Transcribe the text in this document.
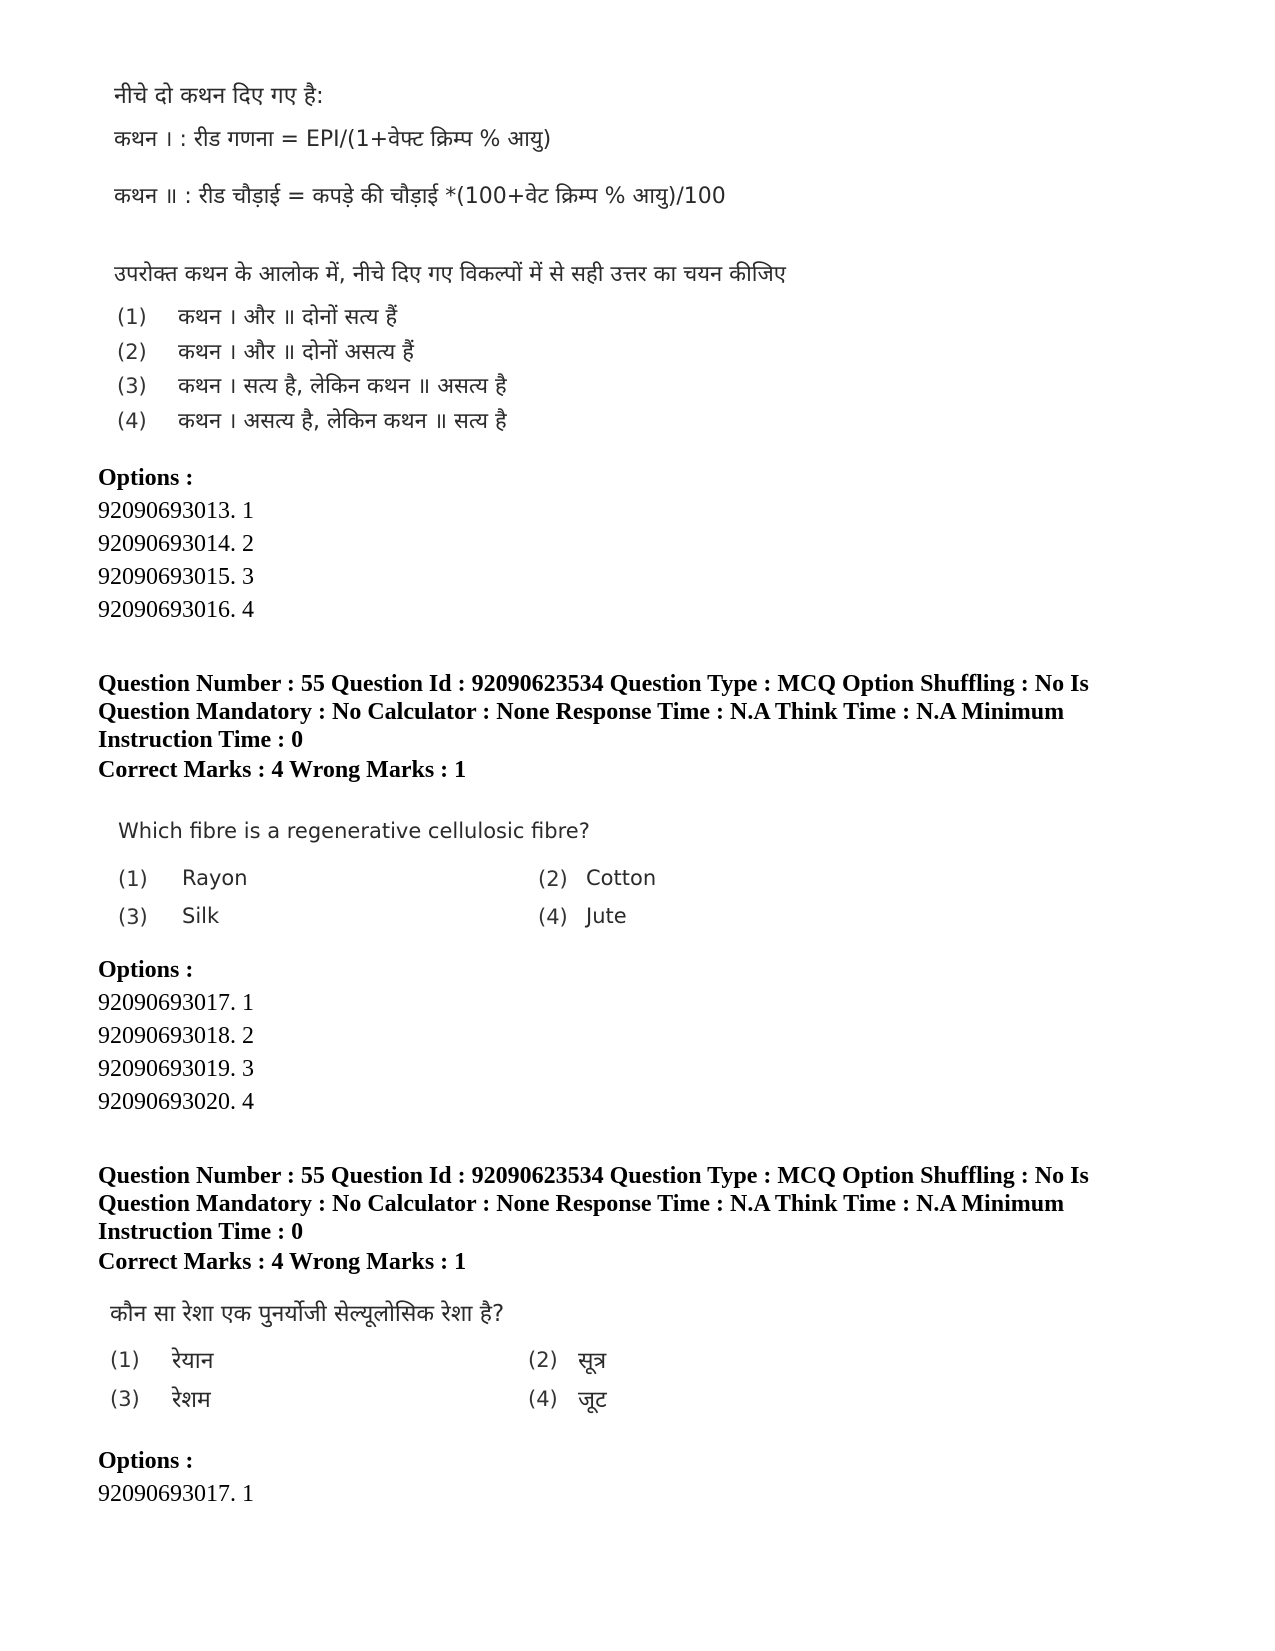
नीचे दो कथन दिए गए है:
कथन । : रीड गणना = EPI/(1+वेफ्ट क्रिम्प % आयु)
कथन ॥ : रीड चौड़ाई = कपड़े की चौड़ाई *(100+वेट क्रिम्प % आयु)/100
उपरोक्त कथन के आलोक में, नीचे दिए गए विकल्पों में से सही उत्तर का चयन कीजिए
(1) कथन । और ॥ दोनों सत्य हैं
(2) कथन । और ॥ दोनों असत्य हैं
(3) कथन । सत्य है, लेकिन कथन ॥ असत्य है
(4) कथन । असत्य है, लेकिन कथन ॥ सत्य है
Options :
92090693013. 1
92090693014. 2
92090693015. 3
92090693016. 4
Question Number : 55 Question Id : 92090623534 Question Type : MCQ Option Shuffling : No Is Question Mandatory : No Calculator : None Response Time : N.A Think Time : N.A Minimum Instruction Time : 0
Correct Marks : 4 Wrong Marks : 1
Which fibre is a regenerative cellulosic fibre?
(1) Rayon	(2) Cotton
(3) Silk	(4) Jute
Options :
92090693017. 1
92090693018. 2
92090693019. 3
92090693020. 4
Question Number : 55 Question Id : 92090623534 Question Type : MCQ Option Shuffling : No Is Question Mandatory : No Calculator : None Response Time : N.A Think Time : N.A Minimum Instruction Time : 0
Correct Marks : 4 Wrong Marks : 1
कौन सा रेशा एक पुनर्योजी सेल्यूलोसिक रेशा है?
(1) रेयान	(2) सूत्र
(3) रेशम	(4) जूट
Options :
92090693017. 1
